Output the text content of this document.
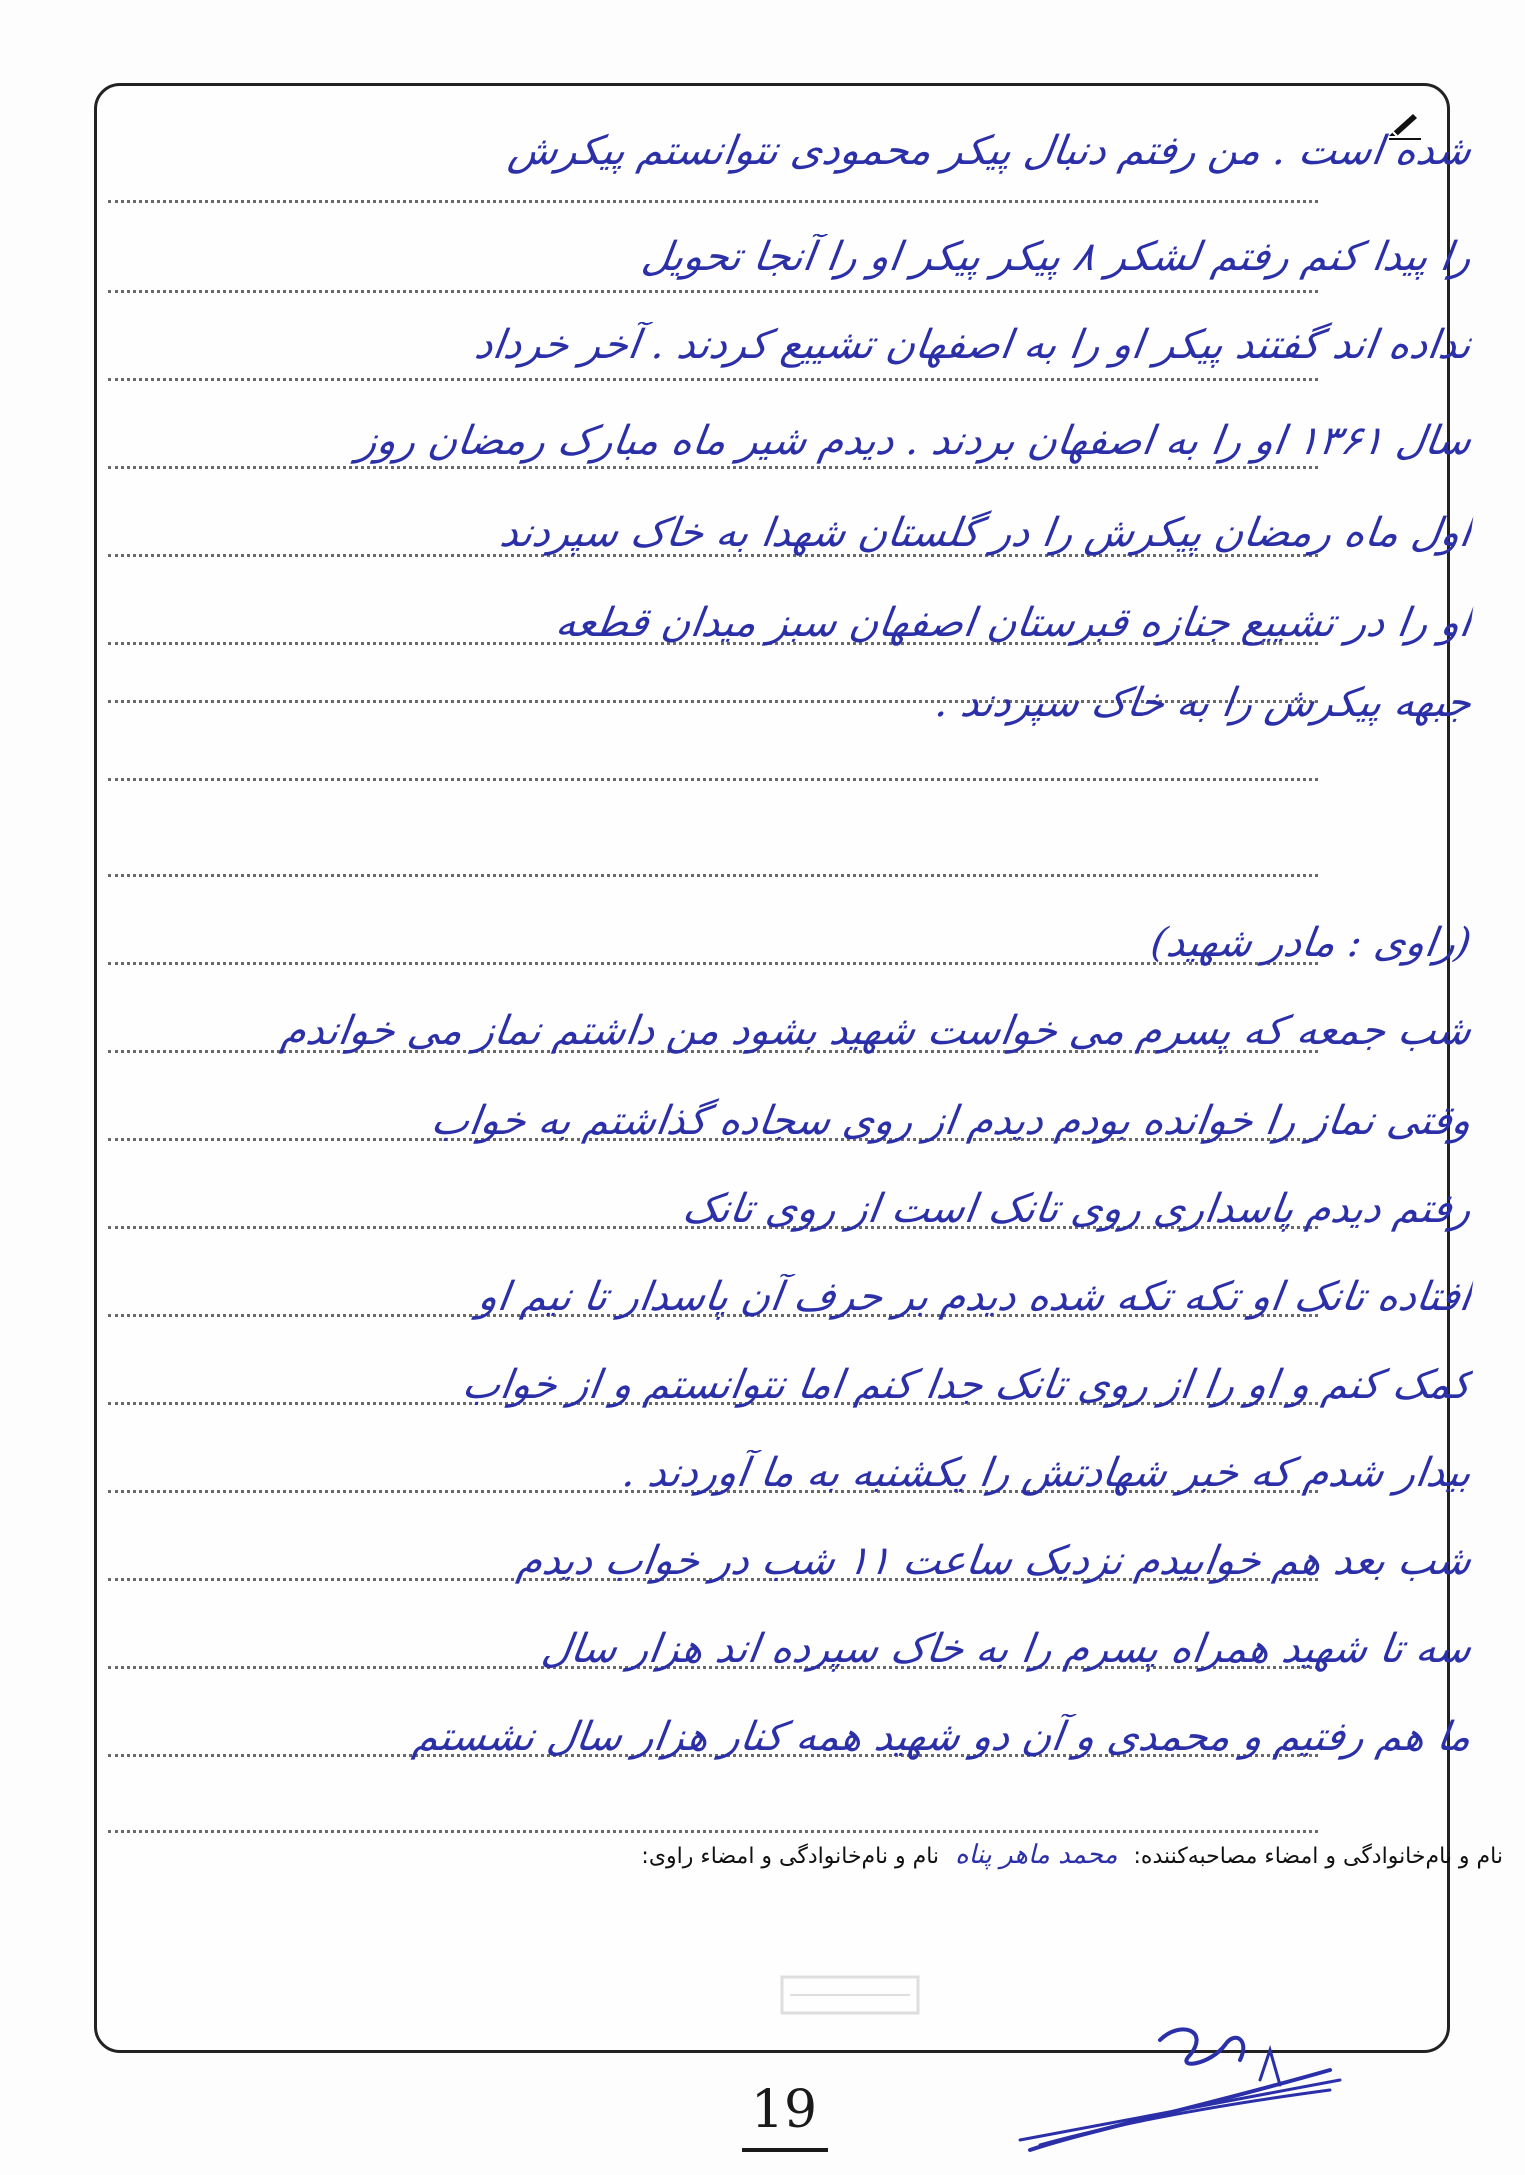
شده است . من رفتم دنبال پیکر محمودی نتوانستم پیکرش
را پیدا کنم رفتم لشکر ۸ پیکر پیکر او را آنجا تحویل
نداده اند گفتند پیکر او را به اصفهان تشییع کردند . آخر خرداد
سال ۱۳۶۱ او را به اصفهان بردند . دیدم شیر ماه مبارک رمضان روز
اول ماه رمضان پیکرش را در گلستان شهدا به خاک سپردند
او را در تشییع جنازه قبرستان اصفهان سبز میدان قطعه
جبهه پیکرش را به خاک سپردند .
(راوی : مادر شهید)
شب جمعه که پسرم می خواست شهید بشود من داشتم نماز می خواندم
وقتی نماز را خوانده بودم دیدم از روی سجاده گذاشتم به خواب
رفتم دیدم پاسداری روی تانک است از روی تانک
افتاده تانک او تکه تکه شده دیدم بر حرف آن پاسدار تا نیم او
کمک کنم و او را از روی تانک جدا کنم اما نتوانستم و از خواب
بیدار شدم که خبر شهادتش را یکشنبه به ما آوردند .
شب بعد هم خوابیدم نزدیک ساعت ۱۱ شب در خواب دیدم
سه تا شهید همراه پسرم را به خاک سپرده اند هزار سال
ما هم رفتیم و محمدی و آن دو شهید همه کنار هزار سال نشستم
نام و نام‌خانوادگی و امضاء مصاحبه‌کننده:محمد ماهر پناهنام و نام‌خانوادگی و امضاء راوی:
19
